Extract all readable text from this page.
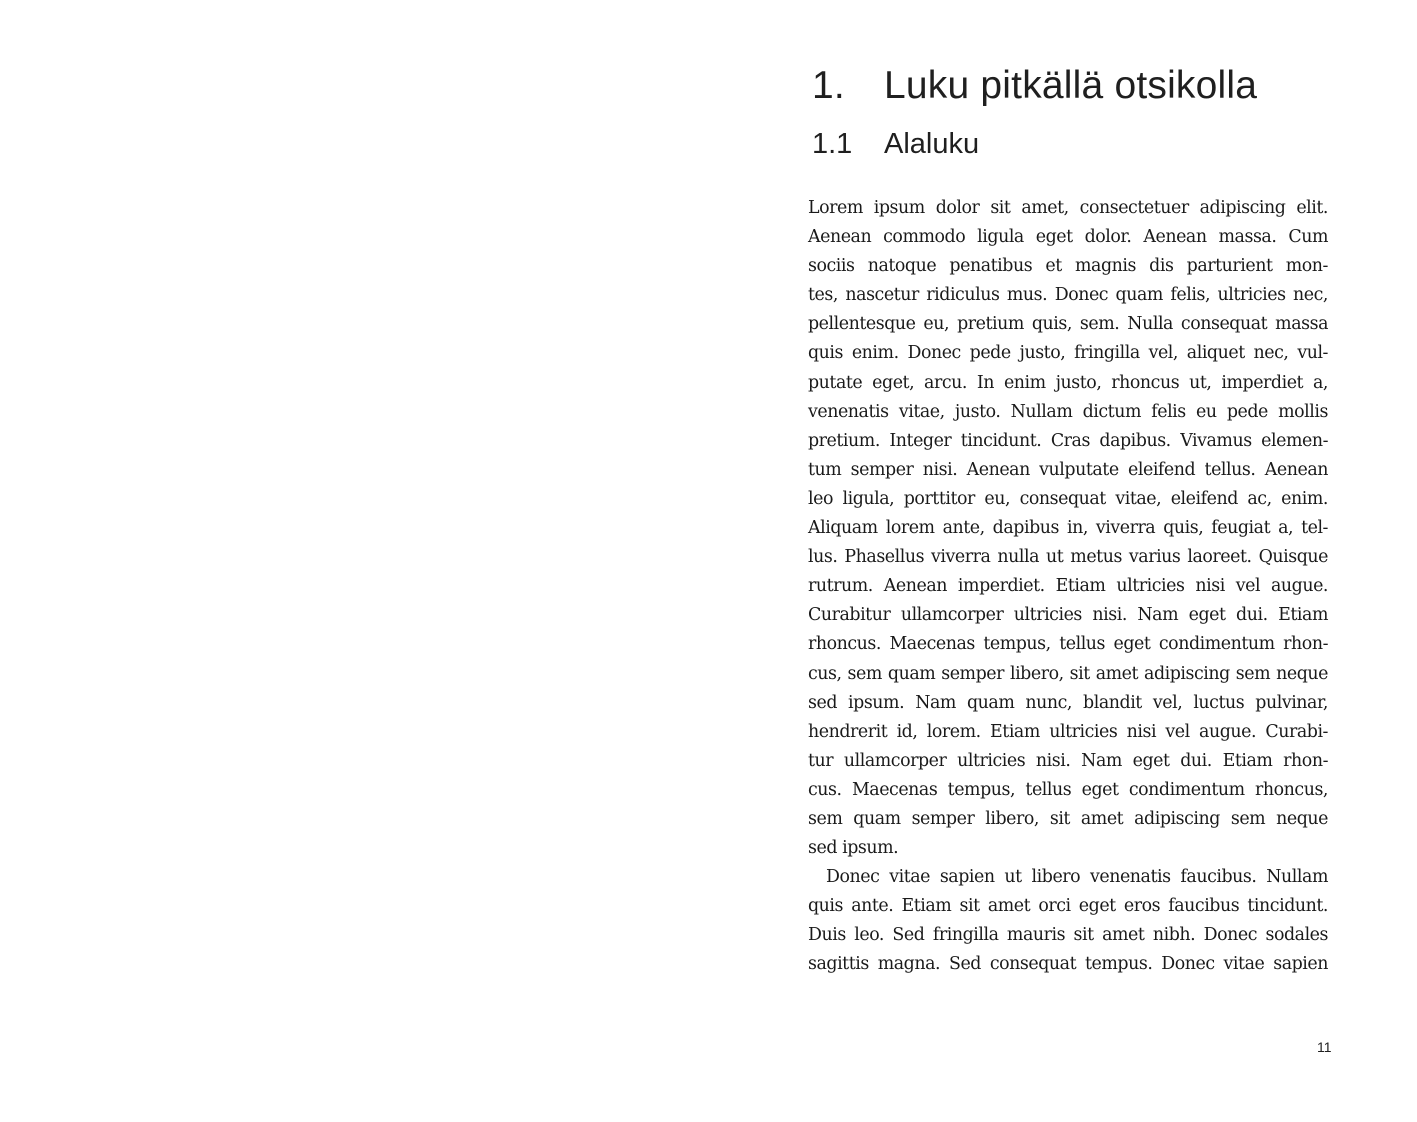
1.	Luku pitkällä otsikolla
1.1	Alaluku
Lorem ipsum dolor sit amet, consectetuer adipiscing elit.
Aenean commodo ligula eget dolor. Aenean massa. Cum
sociis natoque penatibus et magnis dis parturient mon-
tes, nascetur ridiculus mus. Donec quam felis, ultricies nec,
pellentesque eu, pretium quis, sem. Nulla consequat massa
quis enim. Donec pede justo, fringilla vel, aliquet nec, vul-
putate eget, arcu. In enim justo, rhoncus ut, imperdiet a,
venenatis vitae, justo. Nullam dictum felis eu pede mollis
pretium. Integer tincidunt. Cras dapibus. Vivamus elemen-
tum semper nisi. Aenean vulputate eleifend tellus. Aenean
leo ligula, porttitor eu, consequat vitae, eleifend ac, enim.
Aliquam lorem ante, dapibus in, viverra quis, feugiat a, tel-
lus. Phasellus viverra nulla ut metus varius laoreet. Quisque
rutrum. Aenean imperdiet. Etiam ultricies nisi vel augue.
Curabitur ullamcorper ultricies nisi. Nam eget dui. Etiam
rhoncus. Maecenas tempus, tellus eget condimentum rhon-
cus, sem quam semper libero, sit amet adipiscing sem neque
sed ipsum. Nam quam nunc, blandit vel, luctus pulvinar,
hendrerit id, lorem. Etiam ultricies nisi vel augue. Curabi-
tur ullamcorper ultricies nisi. Nam eget dui. Etiam rhon-
cus. Maecenas tempus, tellus eget condimentum rhoncus,
sem quam semper libero, sit amet adipiscing sem neque
sed ipsum.
Donec vitae sapien ut libero venenatis faucibus. Nullam
quis ante. Etiam sit amet orci eget eros faucibus tincidunt.
Duis leo. Sed fringilla mauris sit amet nibh. Donec sodales
sagittis magna. Sed consequat tempus. Donec vitae sapien
11
